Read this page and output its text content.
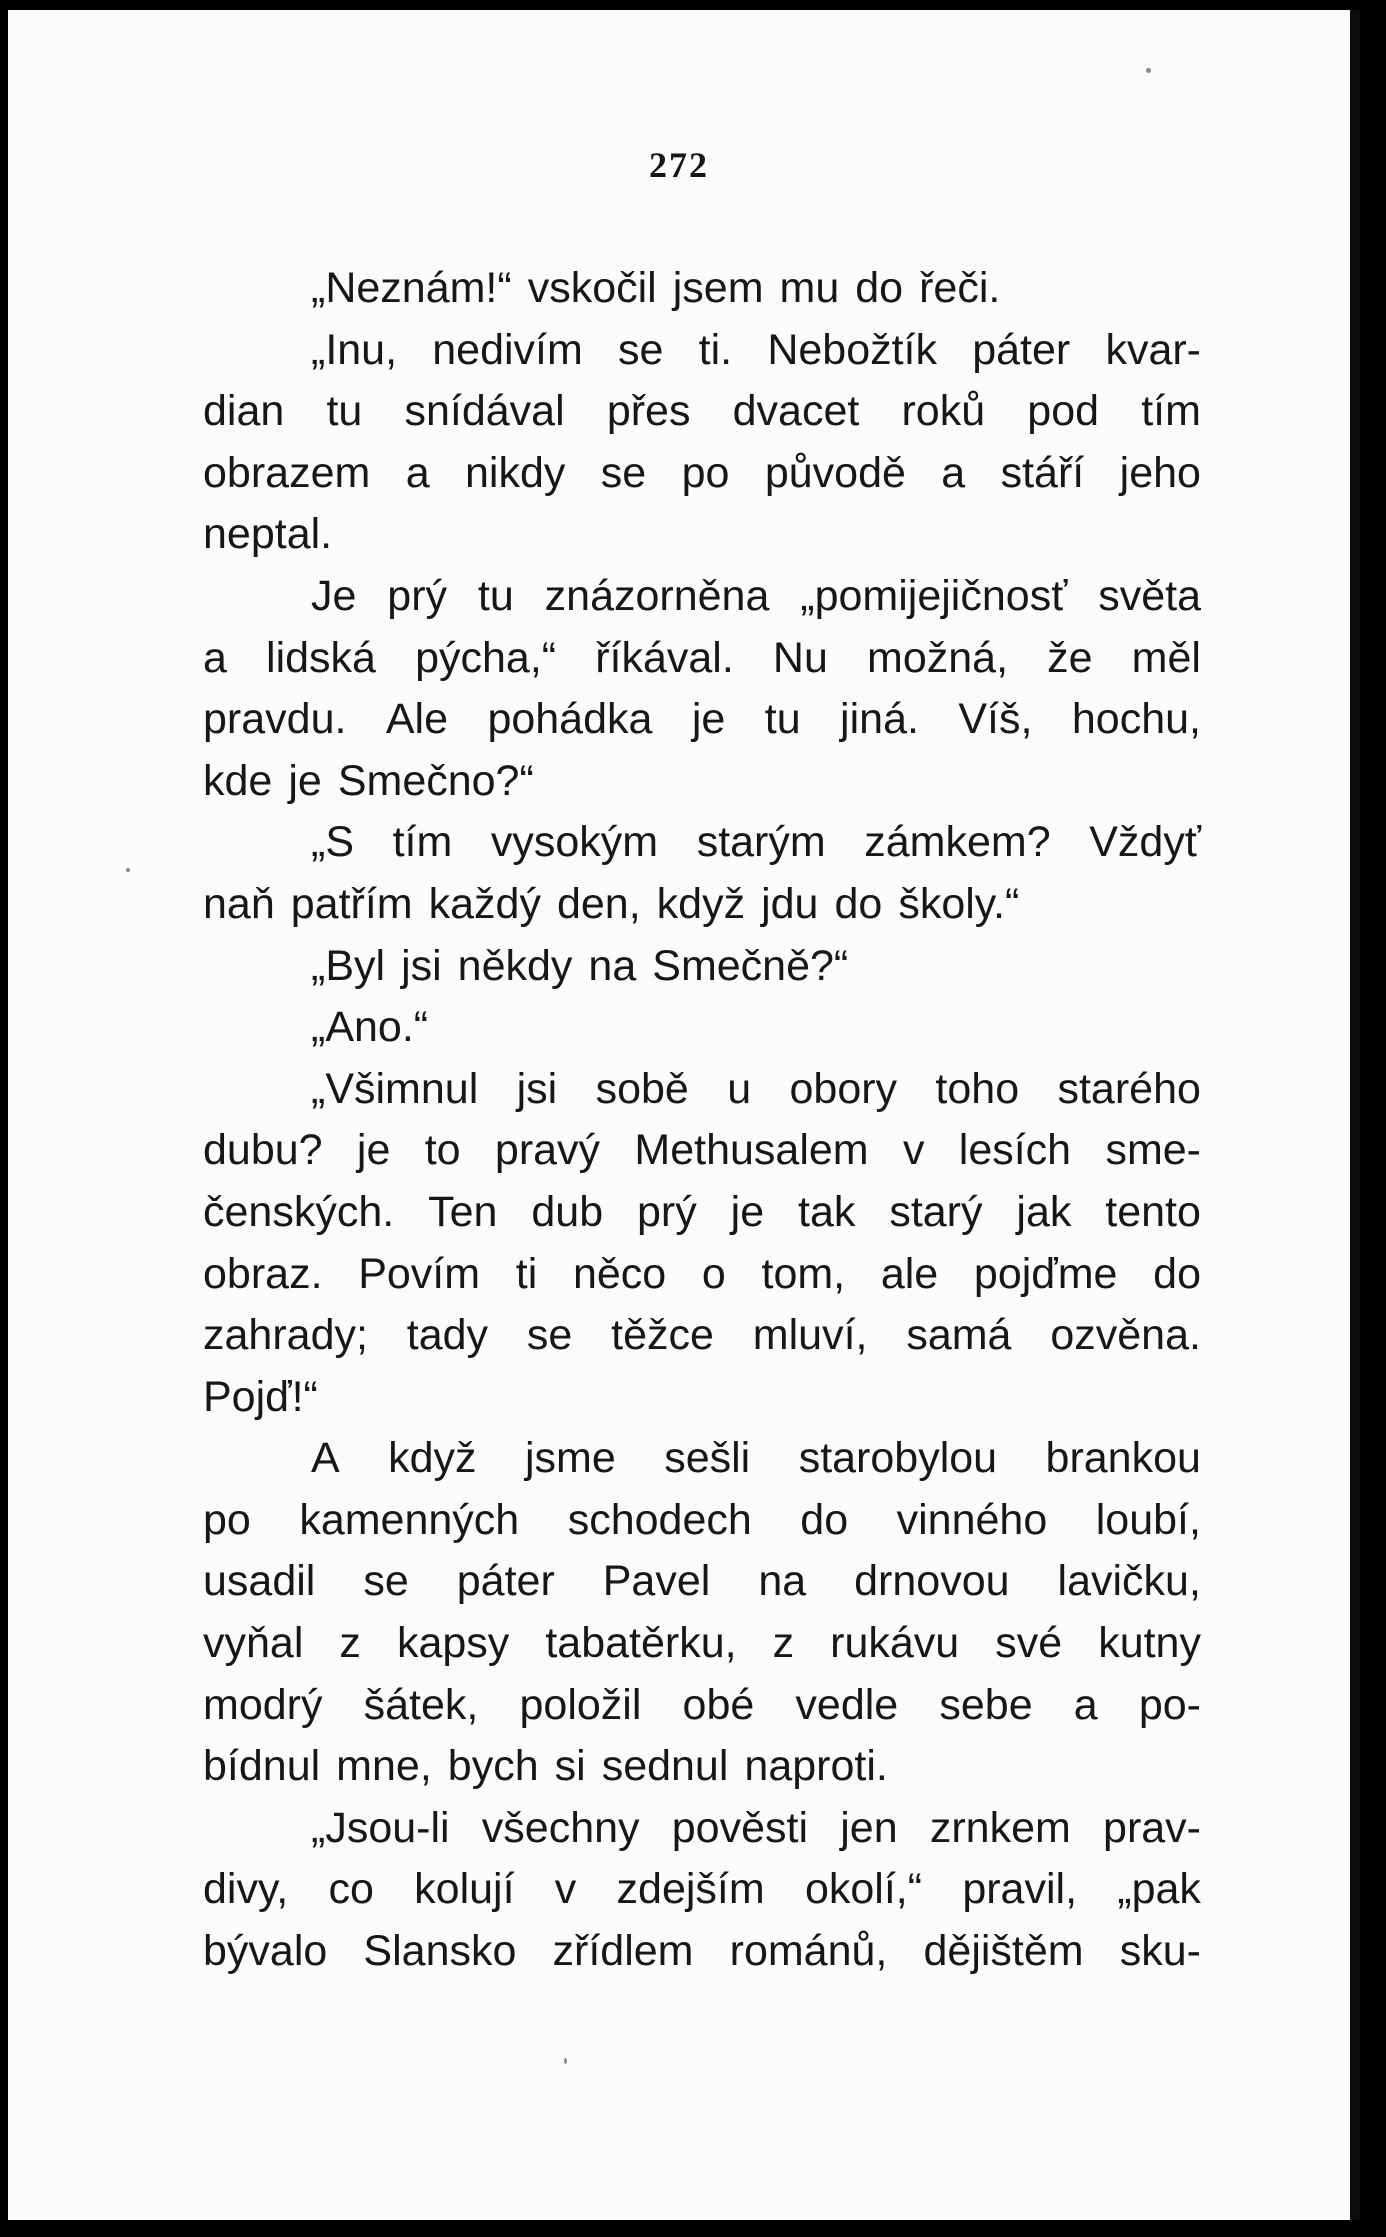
272
„Neznám!“ vskočil jsem mu do řeči.
„Inu, nedivím se ti. Nebožtík páter kvar-
dian tu snídával přes dvacet roků pod tím
obrazem a nikdy se po původě a stáří jeho
neptal.
Je prý tu znázorněna „pomijejičnosť světa
a lidská pýcha,“ říkával. Nu možná, že měl
pravdu. Ale pohádka je tu jiná. Víš, hochu,
kde je Smečno?“
„S tím vysokým starým zámkem? Vždyť
naň patřím každý den, když jdu do školy.“
„Byl jsi někdy na Smečně?“
„Ano.“
„Všimnul jsi sobě u obory toho starého
dubu? je to pravý Methusalem v lesích sme-
čenských. Ten dub prý je tak starý jak tento
obraz. Povím ti něco o tom, ale pojďme do
zahrady; tady se těžce mluví, samá ozvěna.
Pojď!“
A když jsme sešli starobylou brankou
po kamenných schodech do vinného loubí,
usadil se páter Pavel na drnovou lavičku,
vyňal z kapsy tabatěrku, z rukávu své kutny
modrý šátek, položil obé vedle sebe a po-
bídnul mne, bych si sednul naproti.
„Jsou-li všechny pověsti jen zrnkem prav-
divy, co kolují v zdejším okolí,“ pravil, „pak
bývalo Slansko zřídlem románů, dějištěm sku-
